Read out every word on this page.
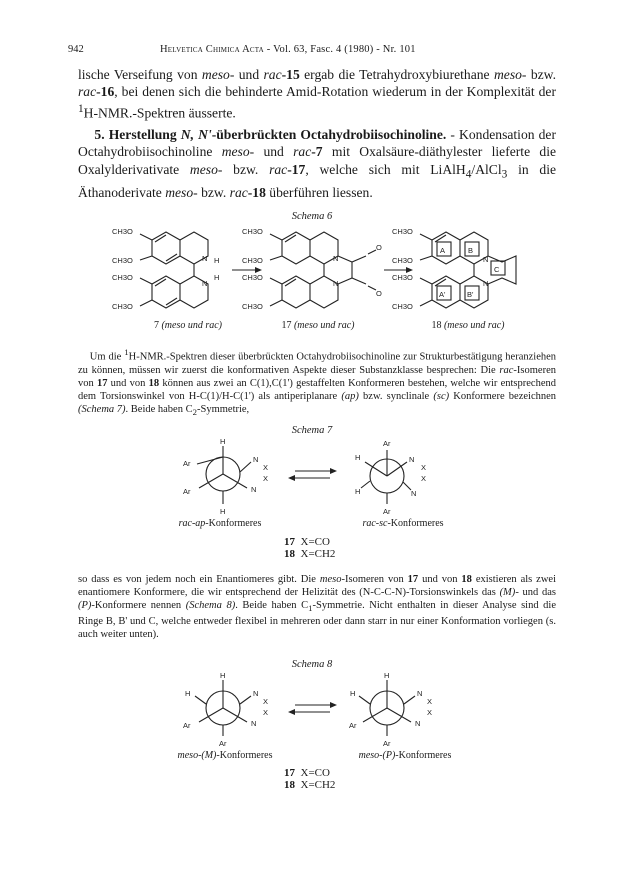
942	Helvetica Chimica Acta - Vol. 63, Fasc. 4 (1980) - Nr. 101
lische Verseifung von meso- und rac-15 ergab die Tetrahydroxybiurethane meso- bzw. rac-16, bei denen sich die behinderte Amid-Rotation wiederum in der Komplexität der $^1$H-NMR.-Spektren äusserte.
5. Herstellung N, N'-überbrückten Octahydrobiisochinoline. - Kondensation der Octahydrobiisochinoline meso- und rac-7 mit Oxalsäure-diäthylester lieferte die Oxalylderivativate meso- bzw. rac-17, welche sich mit LiAlH$_4$/AlCl$_3$ in die Äthanoderivate meso- bzw. rac-18 überführen liessen.
Schema 6
CH3O
CH3O
CH3O
CH3O
N H
N
H
CH3O
CH3O
CH3O
CH3O
N
N
O
O
CH3O
CH3O
CH3O
CH3O
N
N
A	B
C
A'	B'
7 (meso und rac)	17 (meso und rac)	18 (meso und rac)
Um die $^1$H-NMR.-Spektren dieser überbrückten Octahydrobiisochinoline zur Strukturbestätigung heranziehen zu können, müssen wir zuerst die konformativen Aspekte dieser Substanzklasse besprechen: Die rac-Isomeren von 17 und von 18 können aus zwei an C(1),C(1') gestaffelten Konformeren bestehen, welche wir entsprechend dem Torsionswinkel von H-C(1)/H-C(1') als antiperiplanare (ap) bzw. synclinale (sc) Konformere bezeichnen (Schema 7). Beide haben $C_2$-Symmetrie,
Schema 7
H
Ar
Ar
H
N
X
X
N
Ar
H	N
X
X
N
H
Ar
rac-ap-Konformeres	rac-sc-Konformeres
17 X=CO
18 X=CH2
so dass es von jedem noch ein Enantiomeres gibt. Die meso-Isomeren von 17 und von 18 existieren als zwei enantiomere Konformere, die wir entsprechend der Helizität des (N-C-C-N)-Torsionswinkels das (M)- und das (P)-Konformere nennen (Schema 8). Beide haben $C_1$-Symmetrie. Nicht enthalten in dieser Analyse sind die Ringe B, B' und C, welche entweder flexibel in mehreren oder dann starr in nur einer Konformation vorliegen (s. auch weiter unten).
Schema 8
H
H
Ar
Ar
N
X
X
N
H
H
Ar
Ar
N
X
X
N
meso-(M)-Konformeres	meso-(P)-Konformeres
17 X=CO
18 X=CH2
